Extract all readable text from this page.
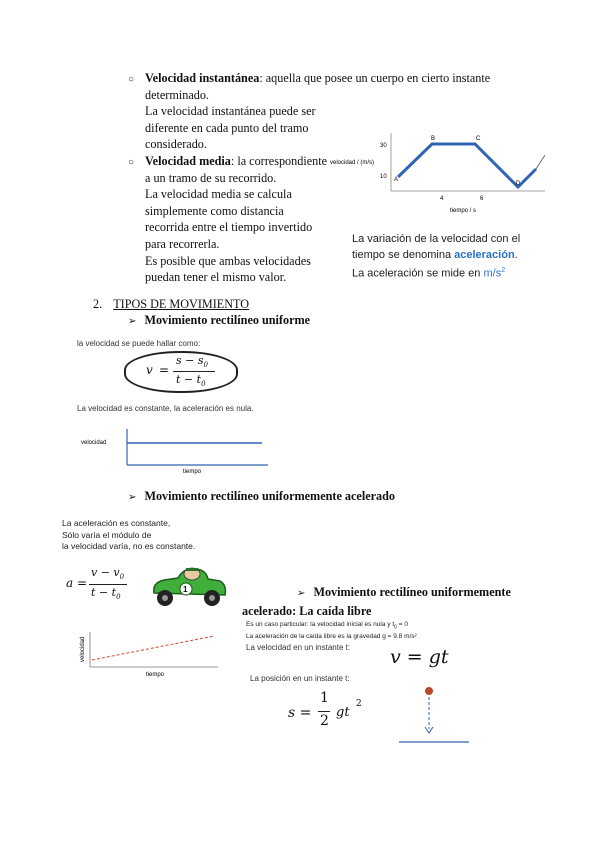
○ Velocidad instantánea: aquella que posee un cuerpo en cierto instante
determinado.
La velocidad instantánea puede ser
diferente en cada punto del tramo
considerado.
○ Velocidad media: la correspondiente
a un tramo de su recorrido.
La velocidad media se calcula
simplemente como distancia
recorrida entre el tiempo invertido
para recorrerla.
Es posible que ambas velocidades
puedan tener el mismo valor.
velocidad / (m/s)
30
10 A
B	C
D
4	6
tiempo / s
La variación de la velocidad con el
tiempo se denomina aceleración.
La aceleración se mide en $m/s^2$
2. TIPOS DE MOVIMIENTO
➢ Movimiento rectilíneo uniforme
la velocidad se puede hallar como:
v =
$s - s_0$
$t - t_0$
La velocidad es constante, la aceleración es nula.
velocidad
tiempo
➢ Movimiento rectilíneo uniformemente acelerado
La aceleración es constante,
Sólo varía el módulo de
la velocidad varía, no es constante.
a =
$v - v_0$
$t - t_0$
1
velocidad
tiempo
➢ Movimiento rectilíneo uniformemente
acelerado: La caída libre
Es un caso particular: la velocidad inicial es nula y $t_0 = 0$
La aceleración de la caída libre es la gravedad g = 9.8 m/s²
La velocidad en un instante t: v = gt
La posición en un instante t:
s =
1
2
gt
2
